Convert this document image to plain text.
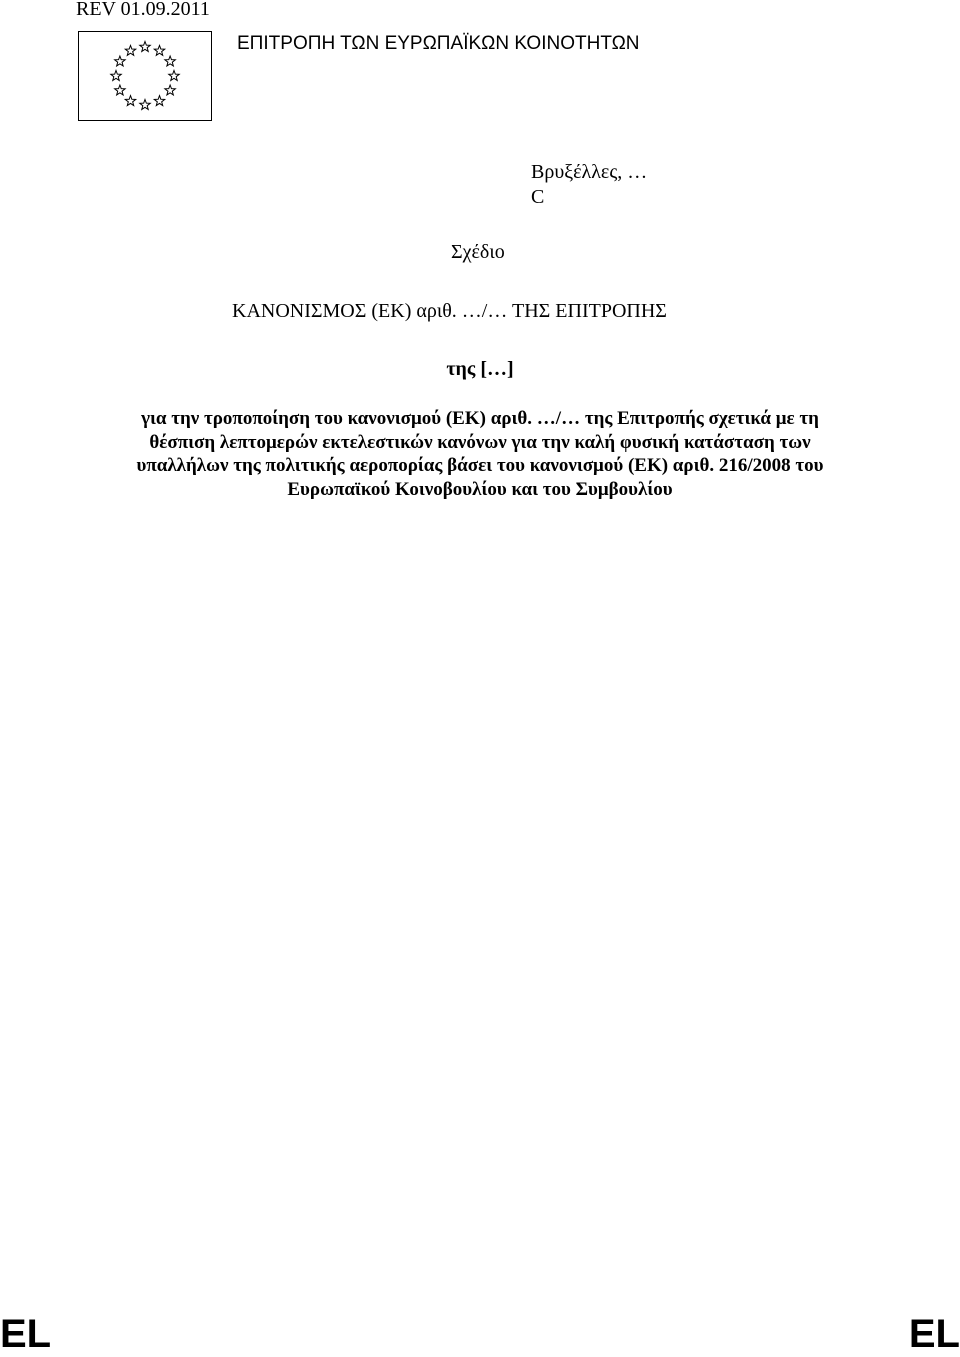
REV 01.09.2011
ΕΠΙΤΡΟΠΗ ΤΩΝ ΕΥΡΩΠΑΪΚΩΝ ΚΟΙΝΟΤΗΤΩΝ
Βρυξέλλες, …
C
Σχέδιο
ΚΑΝΟΝΙΣΜΟΣ (ΕΚ) αριθ. …/… ΤΗΣ ΕΠΙΤΡΟΠΗΣ
της […]
για την τροποποίηση του κανονισμού (ΕΚ) αριθ. …/… της Επιτροπής σχετικά με τη
θέσπιση λεπτομερών εκτελεστικών κανόνων για την καλή φυσική κατάσταση των
υπαλλήλων της πολιτικής αεροπορίας βάσει του κανονισμού (ΕΚ) αριθ. 216/2008 του
Ευρωπαϊκού Κοινοβουλίου και του Συμβουλίου
EL	EL
